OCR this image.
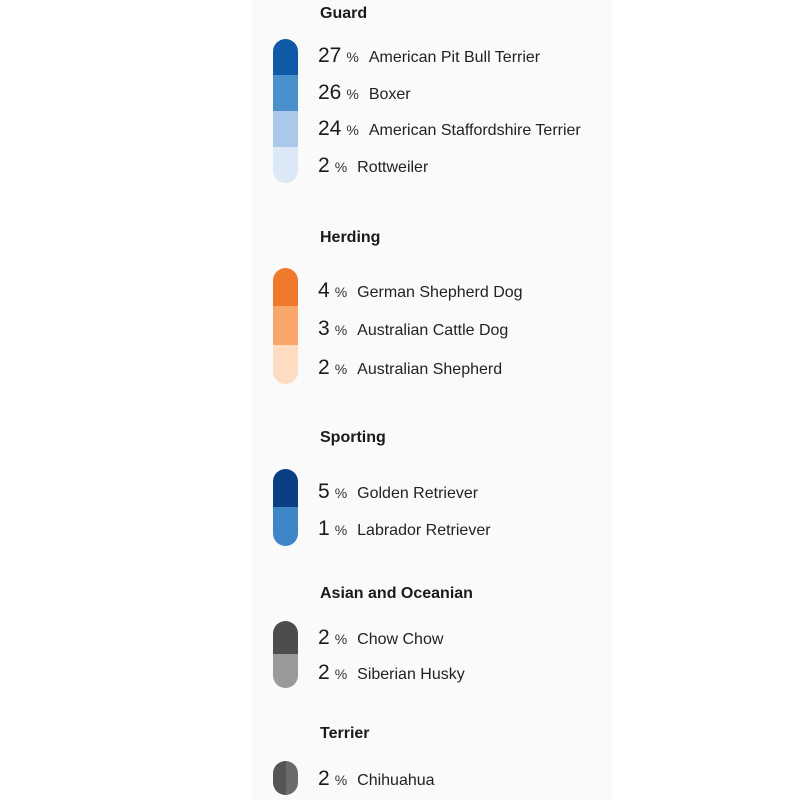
Guard
27 % American Pit Bull Terrier
26 % Boxer
24 % American Staffordshire Terrier
2 % Rottweiler
Herding
4 % German Shepherd Dog
3 % Australian Cattle Dog
2 % Australian Shepherd
Sporting
5 % Golden Retriever
1 % Labrador Retriever
Asian and Oceanian
2 % Chow Chow
2 % Siberian Husky
Terrier
2 % Chihuahua
